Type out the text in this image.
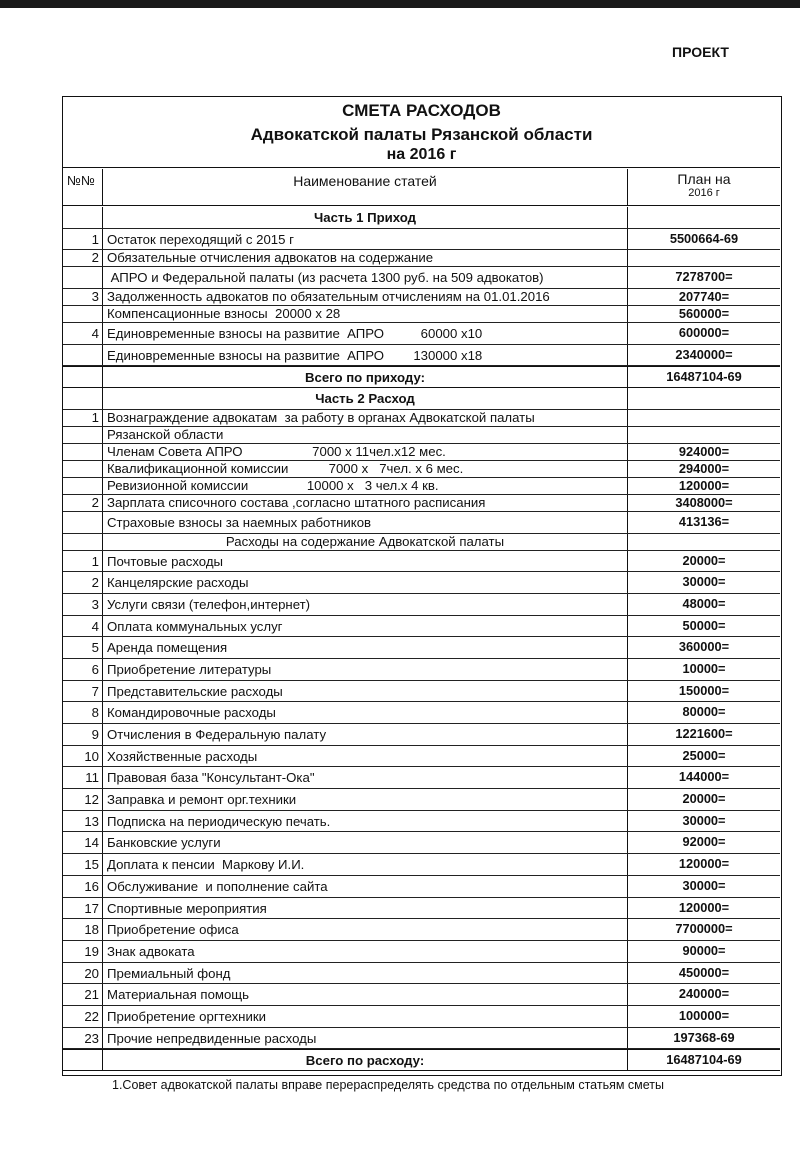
ПРОЕКТ
СМЕТА РАСХОДОВ
Адвокатской палаты Рязанской области
на 2016 г
№№	Наименование статей	План на
2016 г
Часть 1 Приход
1 Остаток переходящий с 2015 г	5500664-69
2 Обязательные отчисления адвокатов на содержание
АПРО и Федеральной палаты (из расчета 1300 руб. на 509 адвокатов)	7278700=
3 Задолженность адвокатов по обязательным отчислениям на 01.01.2016	207740=
Компенсационные взносы  20000 х 28	560000=
4 Единовременные взносы на развитие  АПРО          60000 х10	600000=
Единовременные взносы на развитие  АПРО        130000 х18	2340000=
Всего по приходу:	16487104-69
Часть 2 Расход
1 Вознаграждение адвокатам  за работу в органах Адвокатской палаты
Рязанской области
Членам Совета АПРО                   7000 х 11чел.х12 мес.	924000=
Квалификационной комиссии           7000 х   7чел. х 6 мес.	294000=
Ревизионной комиссии                10000 х   3 чел.х 4 кв.	120000=
2 Зарплата списочного состава ,согласно штатного расписания	3408000=
Страховые взносы за наемных работников	413136=
Расходы на содержание Адвокатской палаты
1 Почтовые расходы	20000=
2 Канцелярские расходы	30000=
3 Услуги связи (телефон,интернет)	48000=
4 Оплата коммунальных услуг	50000=
5 Аренда помещения	360000=
6 Приобретение литературы	10000=
7 Представительские расходы	150000=
8 Командировочные расходы	80000=
9 Отчисления в Федеральную палату	1221600=
10 Хозяйственные расходы	25000=
11 Правовая база "Консультант-Ока"	144000=
12 Заправка и ремонт орг.техники	20000=
13 Подписка на периодическую печать.	30000=
14 Банковские услуги	92000=
15 Доплата к пенсии  Маркову И.И.	120000=
16 Обслуживание  и пополнение сайта	30000=
17 Спортивные мероприятия	120000=
18 Приобретение офиса	7700000=
19 Знак адвоката	90000=
20 Премиальный фонд	450000=
21 Материальная помощь	240000=
22 Приобретение оргтехники	100000=
23 Прочие непредвиденные расходы	197368-69
Всего по расходу:	16487104-69
1.Совет адвокатской палаты вправе перераспределять средства по отдельным статьям сметы
